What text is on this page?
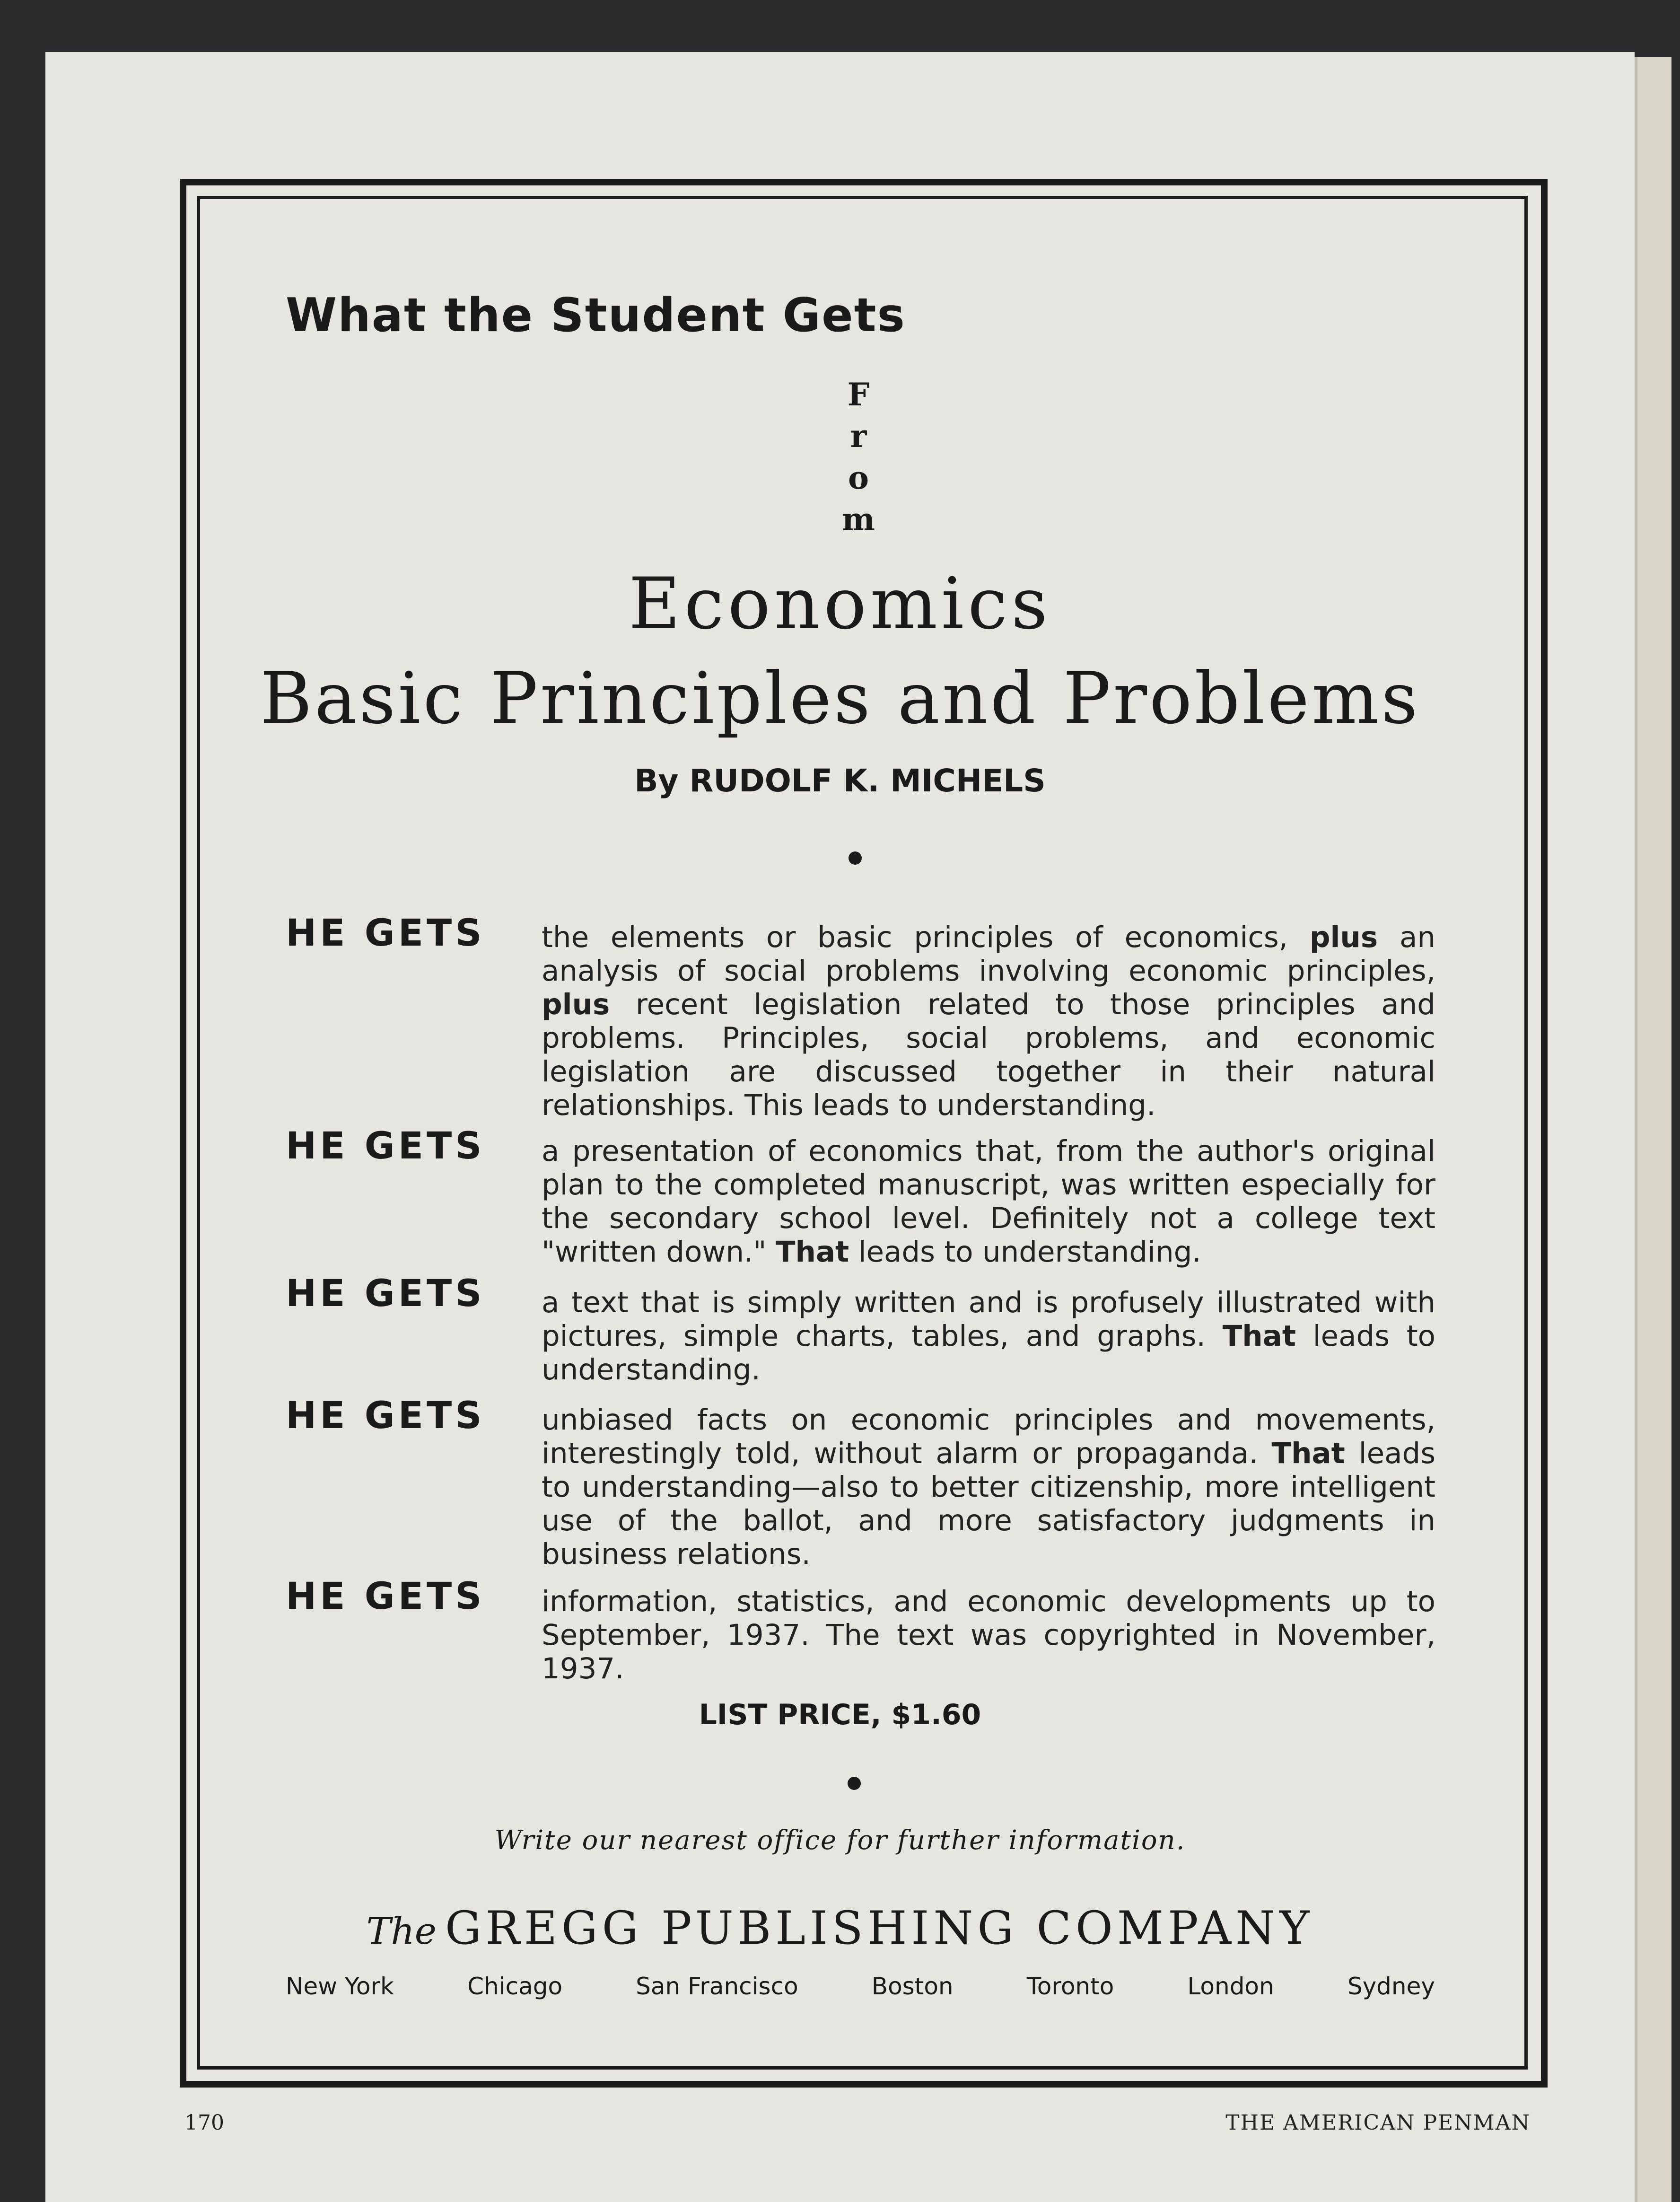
What the Student Gets
F
r
o
m
Economics
Basic Principles and Problems
By RUDOLF K. MICHELS
HE GETS the elements or basic principles of economics, plus an analysis of social problems involving economic principles, plus recent legislation related to those principles and problems. Principles, social problems, and economic legislation are discussed together in their natural relationships. This leads to understanding.
HE GETS a presentation of economics that, from the author's original plan to the completed manuscript, was written especially for the secondary school level. Definitely not a college text "written down." That leads to understanding.
HE GETS a text that is simply written and is profusely illustrated with pictures, simple charts, tables, and graphs. That leads to understanding.
HE GETS unbiased facts on economic principles and movements, interestingly told, without alarm or propaganda. That leads to understanding—also to better citizenship, more intelligent use of the ballot, and more satisfactory judgments in business relations.
HE GETS information, statistics, and economic developments up to September, 1937. The text was copyrighted in November, 1937.
LIST PRICE, $1.60
Write our nearest office for further information.
The GREGG PUBLISHING COMPANY
New York	Chicago	San Francisco	Boston	Toronto	London	Sydney
170	THE AMERICAN PENMAN
